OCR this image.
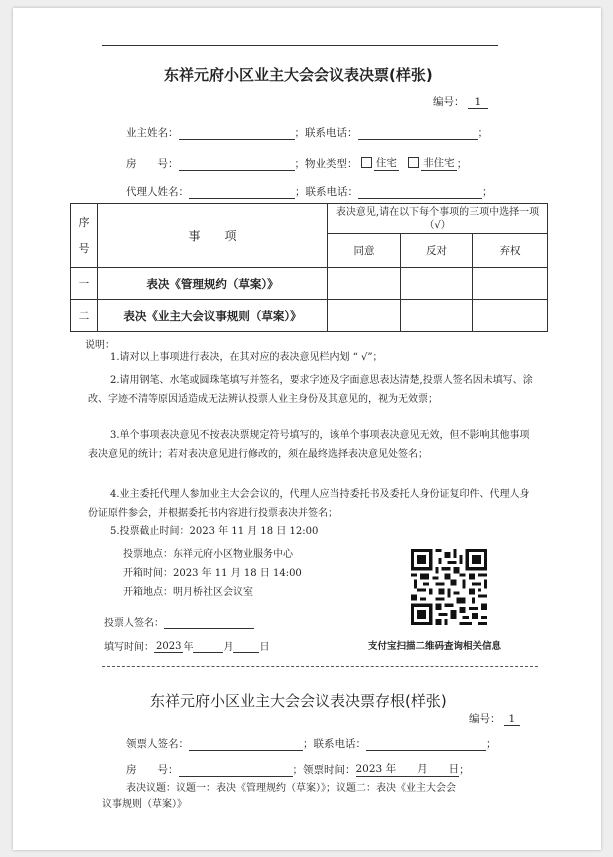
东祥元府小区业主大会会议表决票(样张)
编号： 1
业主姓名：	；联系电话：	；
房　　号：	；物业类型： 住宅	非住宅 ；
代理人姓名：	；联系电话：	；
序号	事　　项	表决意见,请在以下每个事项的三项中选择一项（√）		
		同意	反对	弃权
一	表决《管理规约（草案）》			
二	表决《业主大会议事规则（草案）》			
说明：
1.请对以上事项进行表决，在其对应的表决意见栏内划 “ √”；
2.请用钢笔、水笔或圆珠笔填写并签名，要求字迹及字面意思表达清楚,投票人签名因未填写、涂改、字迹不清等原因适造成无法辨认投票人业主身份及其意见的，视为无效票；
3.单个事项表决意见不按表决票规定符号填写的，该单个事项表决意见无效，但不影响其他事项表决意见的统计；若对表决意见进行修改的，须在最终选择表决意见处签名；
4.业主委托代理人参加业主大会会议的，代理人应当持委托书及委托人身份证复印件、代理人身份证原件参会，并根据委托书内容进行投票表决并签名；
5.投票截止时间：2023 年 11 月 18 日 12:00
投票地点：东祥元府小区物业服务中心
开箱时间：2023 年 11 月 18 日 14:00
开箱地点：明月桥社区会议室
投票人签名：
填写时间： 2023 年	月	日	支付宝扫描二维码查询相关信息
东祥元府小区业主大会会议表决票存根(样张)
编号： 1
领票人签名：	；联系电话：	；
房　　号：	；领票时间：2023 年　　 月　　 日；
表决议题：议题一：表决《管理规约（草案）》；议题二：表决《业主大会会
议事规则（草案）》
